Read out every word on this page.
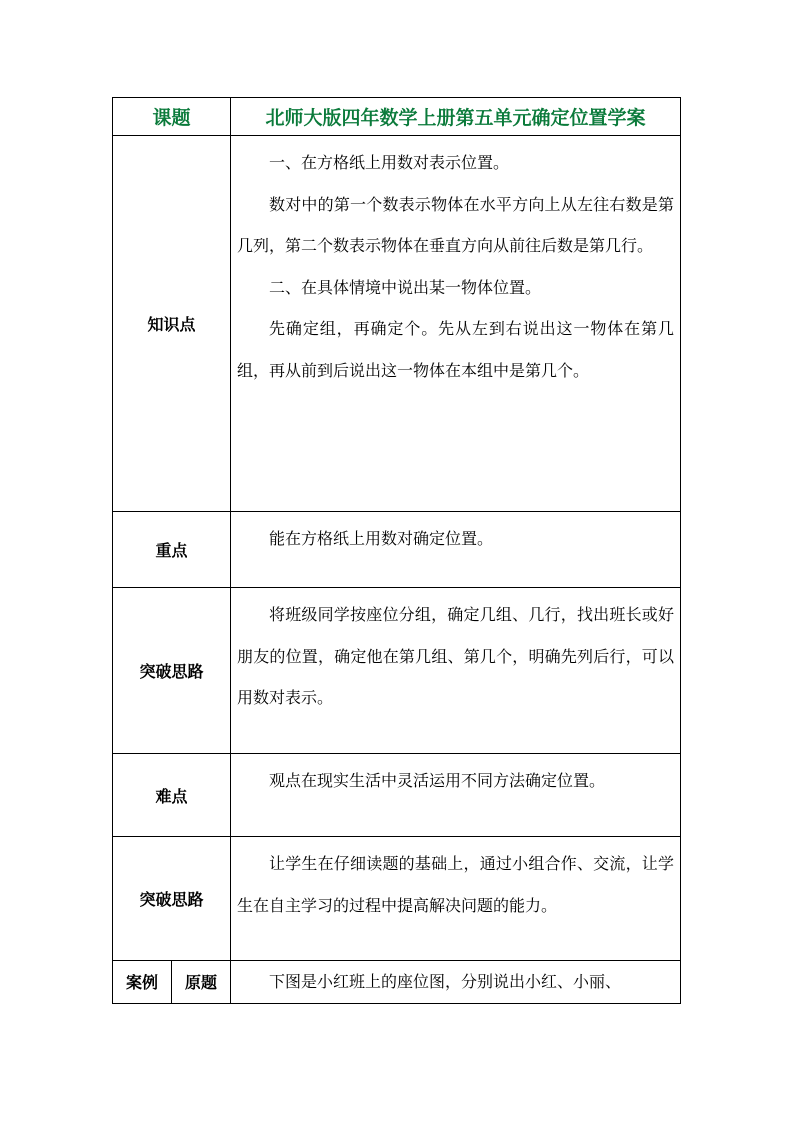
课题		北师大版四年数学上册第五单元确定位置学案
知识点		一、在方格纸上用数对表示位置。

数对中的第一个数表示物体在水平方向上从左往右数是第几列，第二个数表示物体在垂直方向从前往后数是第几行。

二、在具体情境中说出某一物体位置。

先确定组，再确定个。先从左到右说出这一物体在第几组，再从前到后说出这一物体在本组中是第几个。

重点		能在方格纸上用数对确定位置。

突破思路		将班级同学按座位分组，确定几组、几行，找出班长或好朋友的位置，确定他在第几组、第几个，明确先列后行，可以用数对表示。

难点		观点在现实生活中灵活运用不同方法确定位置。

突破思路		让学生在仔细读题的基础上，通过小组合作、交流，让学生在自主学习的过程中提高解决问题的能力。

案例	原题	下图是小红班上的座位图，分别说出小红、小丽、
